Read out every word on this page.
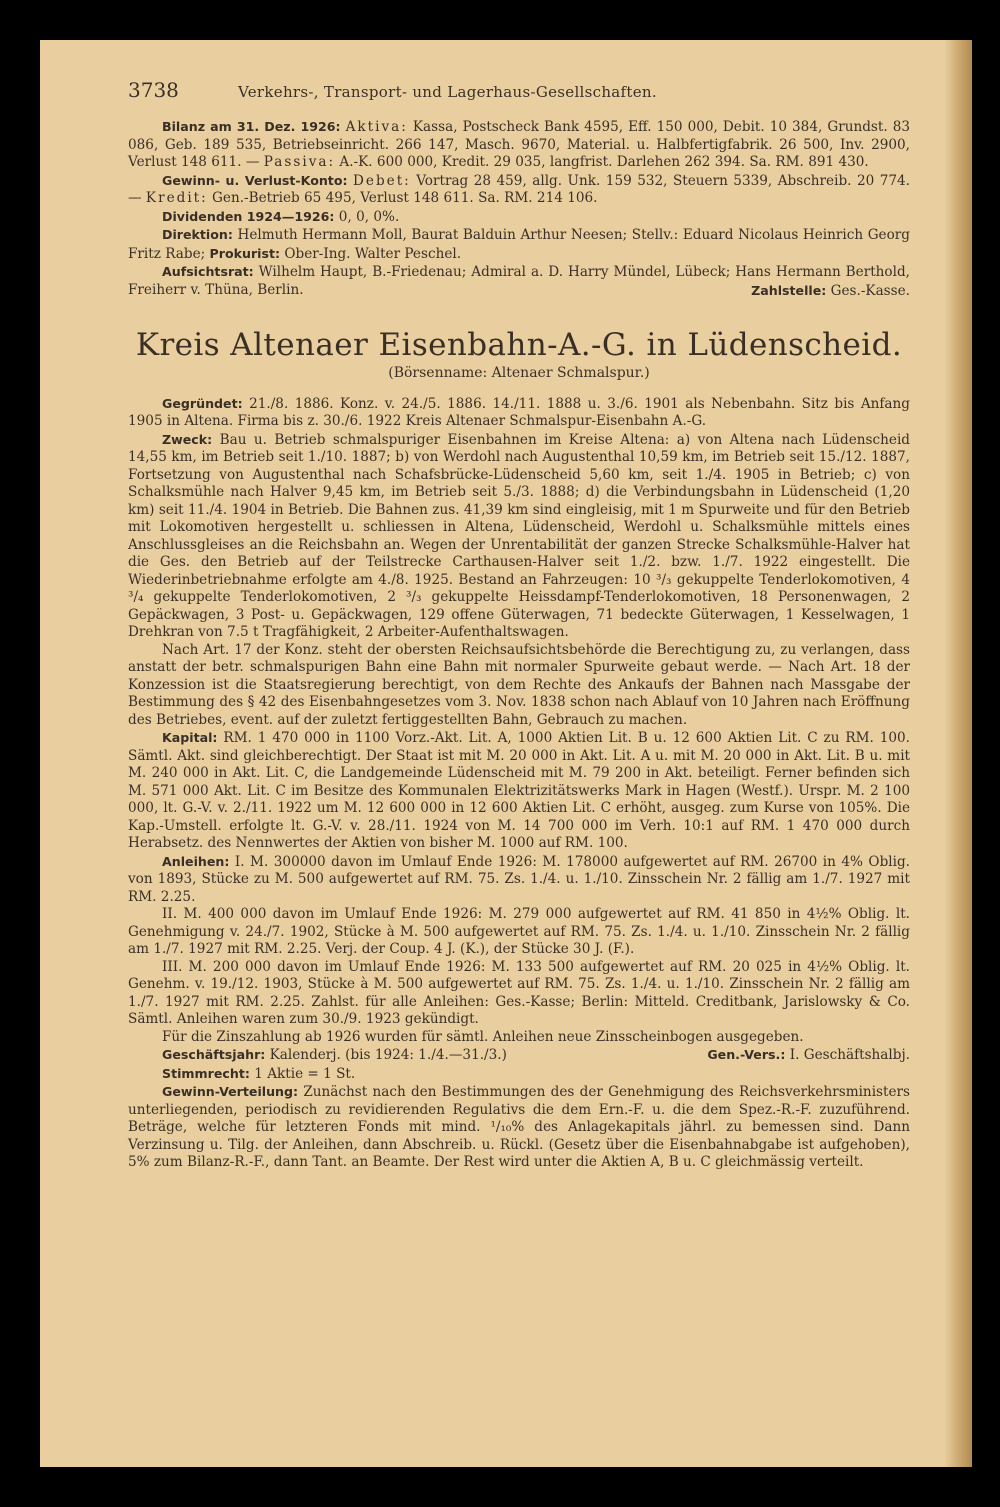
3738	Verkehrs-, Transport- und Lagerhaus-Gesellschaften.

Bilanz am 31. Dez. 1926: Aktiva: Kassa, Postscheck Bank 4595, Eff. 150 000, Debit. 10 384, Grundst. 83 086, Geb. 189 535, Betriebseinricht. 266 147, Masch. 9670, Material. u. Halbfertigfabrik. 26 500, Inv. 2900, Verlust 148 611. — Passiva: A.-K. 600 000, Kredit. 29 035, langfrist. Darlehen 262 394. Sa. RM. 891 430.

Gewinn- u. Verlust-Konto: Debet: Vortrag 28 459, allg. Unk. 159 532, Steuern 5339, Abschreib. 20 774. — Kredit: Gen.-Betrieb 65 495, Verlust 148 611. Sa. RM. 214 106.

Dividenden 1924—1926: 0, 0, 0%.

Direktion: Helmuth Hermann Moll, Baurat Balduin Arthur Neesen; Stellv.: Eduard Nicolaus Heinrich Georg Fritz Rabe; Prokurist: Ober-Ing. Walter Peschel.

Aufsichtsrat: Wilhelm Haupt, B.-Friedenau; Admiral a. D. Harry Mündel, Lübeck; Hans Hermann Berthold, Freiherr v. Thüna, Berlin.	Zahlstelle: Ges.-Kasse.

Kreis Altenaer Eisenbahn-A.-G. in Lüdenscheid.

(Börsenname: Altenaer Schmalspur.)

Gegründet: 21./8. 1886. Konz. v. 24./5. 1886. 14./11. 1888 u. 3./6. 1901 als Nebenbahn. Sitz bis Anfang 1905 in Altena. Firma bis z. 30./6. 1922 Kreis Altenaer Schmalspur-Eisenbahn A.-G.

Zweck: Bau u. Betrieb schmalspuriger Eisenbahnen im Kreise Altena: a) von Altena nach Lüdenscheid 14,55 km, im Betrieb seit 1./10. 1887; b) von Werdohl nach Augustenthal 10,59 km, im Betrieb seit 15./12. 1887, Fortsetzung von Augustenthal nach Schafsbrücke-Lüdenscheid 5,60 km, seit 1./4. 1905 in Betrieb; c) von Schalksmühle nach Halver 9,45 km, im Betrieb seit 5./3. 1888; d) die Verbindungsbahn in Lüdenscheid (1,20 km) seit 11./4. 1904 in Betrieb. Die Bahnen zus. 41,39 km sind eingleisig, mit 1 m Spurweite und für den Betrieb mit Lokomotiven hergestellt u. schliessen in Altena, Lüdenscheid, Werdohl u. Schalksmühle mittels eines Anschlussgleises an die Reichsbahn an. Wegen der Unrentabilität der ganzen Strecke Schalksmühle-Halver hat die Ges. den Betrieb auf der Teilstrecke Carthausen-Halver seit 1./2. bzw. 1./7. 1922 eingestellt. Die Wiederinbetriebnahme erfolgte am 4./8. 1925. Bestand an Fahrzeugen: 10 ³/₃ gekuppelte Tenderlokomotiven, 4 ³/₄ gekuppelte Tenderlokomotiven, 2 ³/₃ gekuppelte Heissdampf-Tenderlokomotiven, 18 Personenwagen, 2 Gepäckwagen, 3 Post- u. Gepäckwagen, 129 offene Güterwagen, 71 bedeckte Güterwagen, 1 Kesselwagen, 1 Drehkran von 7.5 t Tragfähigkeit, 2 Arbeiter-Aufenthaltswagen.

Nach Art. 17 der Konz. steht der obersten Reichsaufsichtsbehörde die Berechtigung zu, zu verlangen, dass anstatt der betr. schmalspurigen Bahn eine Bahn mit normaler Spurweite gebaut werde. — Nach Art. 18 der Konzession ist die Staatsregierung berechtigt, von dem Rechte des Ankaufs der Bahnen nach Massgabe der Bestimmung des § 42 des Eisenbahngesetzes vom 3. Nov. 1838 schon nach Ablauf von 10 Jahren nach Eröffnung des Betriebes, event. auf der zuletzt fertiggestellten Bahn, Gebrauch zu machen.

Kapital: RM. 1 470 000 in 1100 Vorz.-Akt. Lit. A, 1000 Aktien Lit. B u. 12 600 Aktien Lit. C zu RM. 100. Sämtl. Akt. sind gleichberechtigt. Der Staat ist mit M. 20 000 in Akt. Lit. A u. mit M. 20 000 in Akt. Lit. B u. mit M. 240 000 in Akt. Lit. C, die Landgemeinde Lüdenscheid mit M. 79 200 in Akt. beteiligt. Ferner befinden sich M. 571 000 Akt. Lit. C im Besitze des Kommunalen Elektrizitätswerks Mark in Hagen (Westf.). Urspr. M. 2 100 000, lt. G.-V. v. 2./11. 1922 um M. 12 600 000 in 12 600 Aktien Lit. C erhöht, ausgeg. zum Kurse von 105%. Die Kap.-Umstell. erfolgte lt. G.-V. v. 28./11. 1924 von M. 14 700 000 im Verh. 10:1 auf RM. 1 470 000 durch Herabsetz. des Nennwertes der Aktien von bisher M. 1000 auf RM. 100.

Anleihen: I. M. 300000 davon im Umlauf Ende 1926: M. 178000 aufgewertet auf RM. 26700 in 4% Oblig. von 1893, Stücke zu M. 500 aufgewertet auf RM. 75. Zs. 1./4. u. 1./10. Zinsschein Nr. 2 fällig am 1./7. 1927 mit RM. 2.25.

II. M. 400 000 davon im Umlauf Ende 1926: M. 279 000 aufgewertet auf RM. 41 850 in 4½% Oblig. lt. Genehmigung v. 24./7. 1902, Stücke à M. 500 aufgewertet auf RM. 75. Zs. 1./4. u. 1./10. Zinsschein Nr. 2 fällig am 1./7. 1927 mit RM. 2.25. Verj. der Coup. 4 J. (K.), der Stücke 30 J. (F.).

III. M. 200 000 davon im Umlauf Ende 1926: M. 133 500 aufgewertet auf RM. 20 025 in 4½% Oblig. lt. Genehm. v. 19./12. 1903, Stücke à M. 500 aufgewertet auf RM. 75. Zs. 1./4. u. 1./10. Zinsschein Nr. 2 fällig am 1./7. 1927 mit RM. 2.25. Zahlst. für alle Anleihen: Ges.-Kasse; Berlin: Mitteld. Creditbank, Jarislowsky & Co. Sämtl. Anleihen waren zum 30./9. 1923 gekündigt.

Für die Zinszahlung ab 1926 wurden für sämtl. Anleihen neue Zinsscheinbogen ausgegeben.

Geschäftsjahr: Kalenderj. (bis 1924: 1./4.—31./3.)	Gen.-Vers.: I. Geschäftshalbj.

Stimmrecht: 1 Aktie = 1 St.

Gewinn-Verteilung: Zunächst nach den Bestimmungen des der Genehmigung des Reichsverkehrsministers unterliegenden, periodisch zu revidierenden Regulativs die dem Ern.-F. u. die dem Spez.-R.-F. zuzuführend. Beträge, welche für letzteren Fonds mit mind. ¹/₁₀% des Anlagekapitals jährl. zu bemessen sind. Dann Verzinsung u. Tilg. der Anleihen, dann Abschreib. u. Rückl. (Gesetz über die Eisenbahnabgabe ist aufgehoben), 5% zum Bilanz-R.-F., dann Tant. an Beamte. Der Rest wird unter die Aktien A, B u. C gleichmässig verteilt.
